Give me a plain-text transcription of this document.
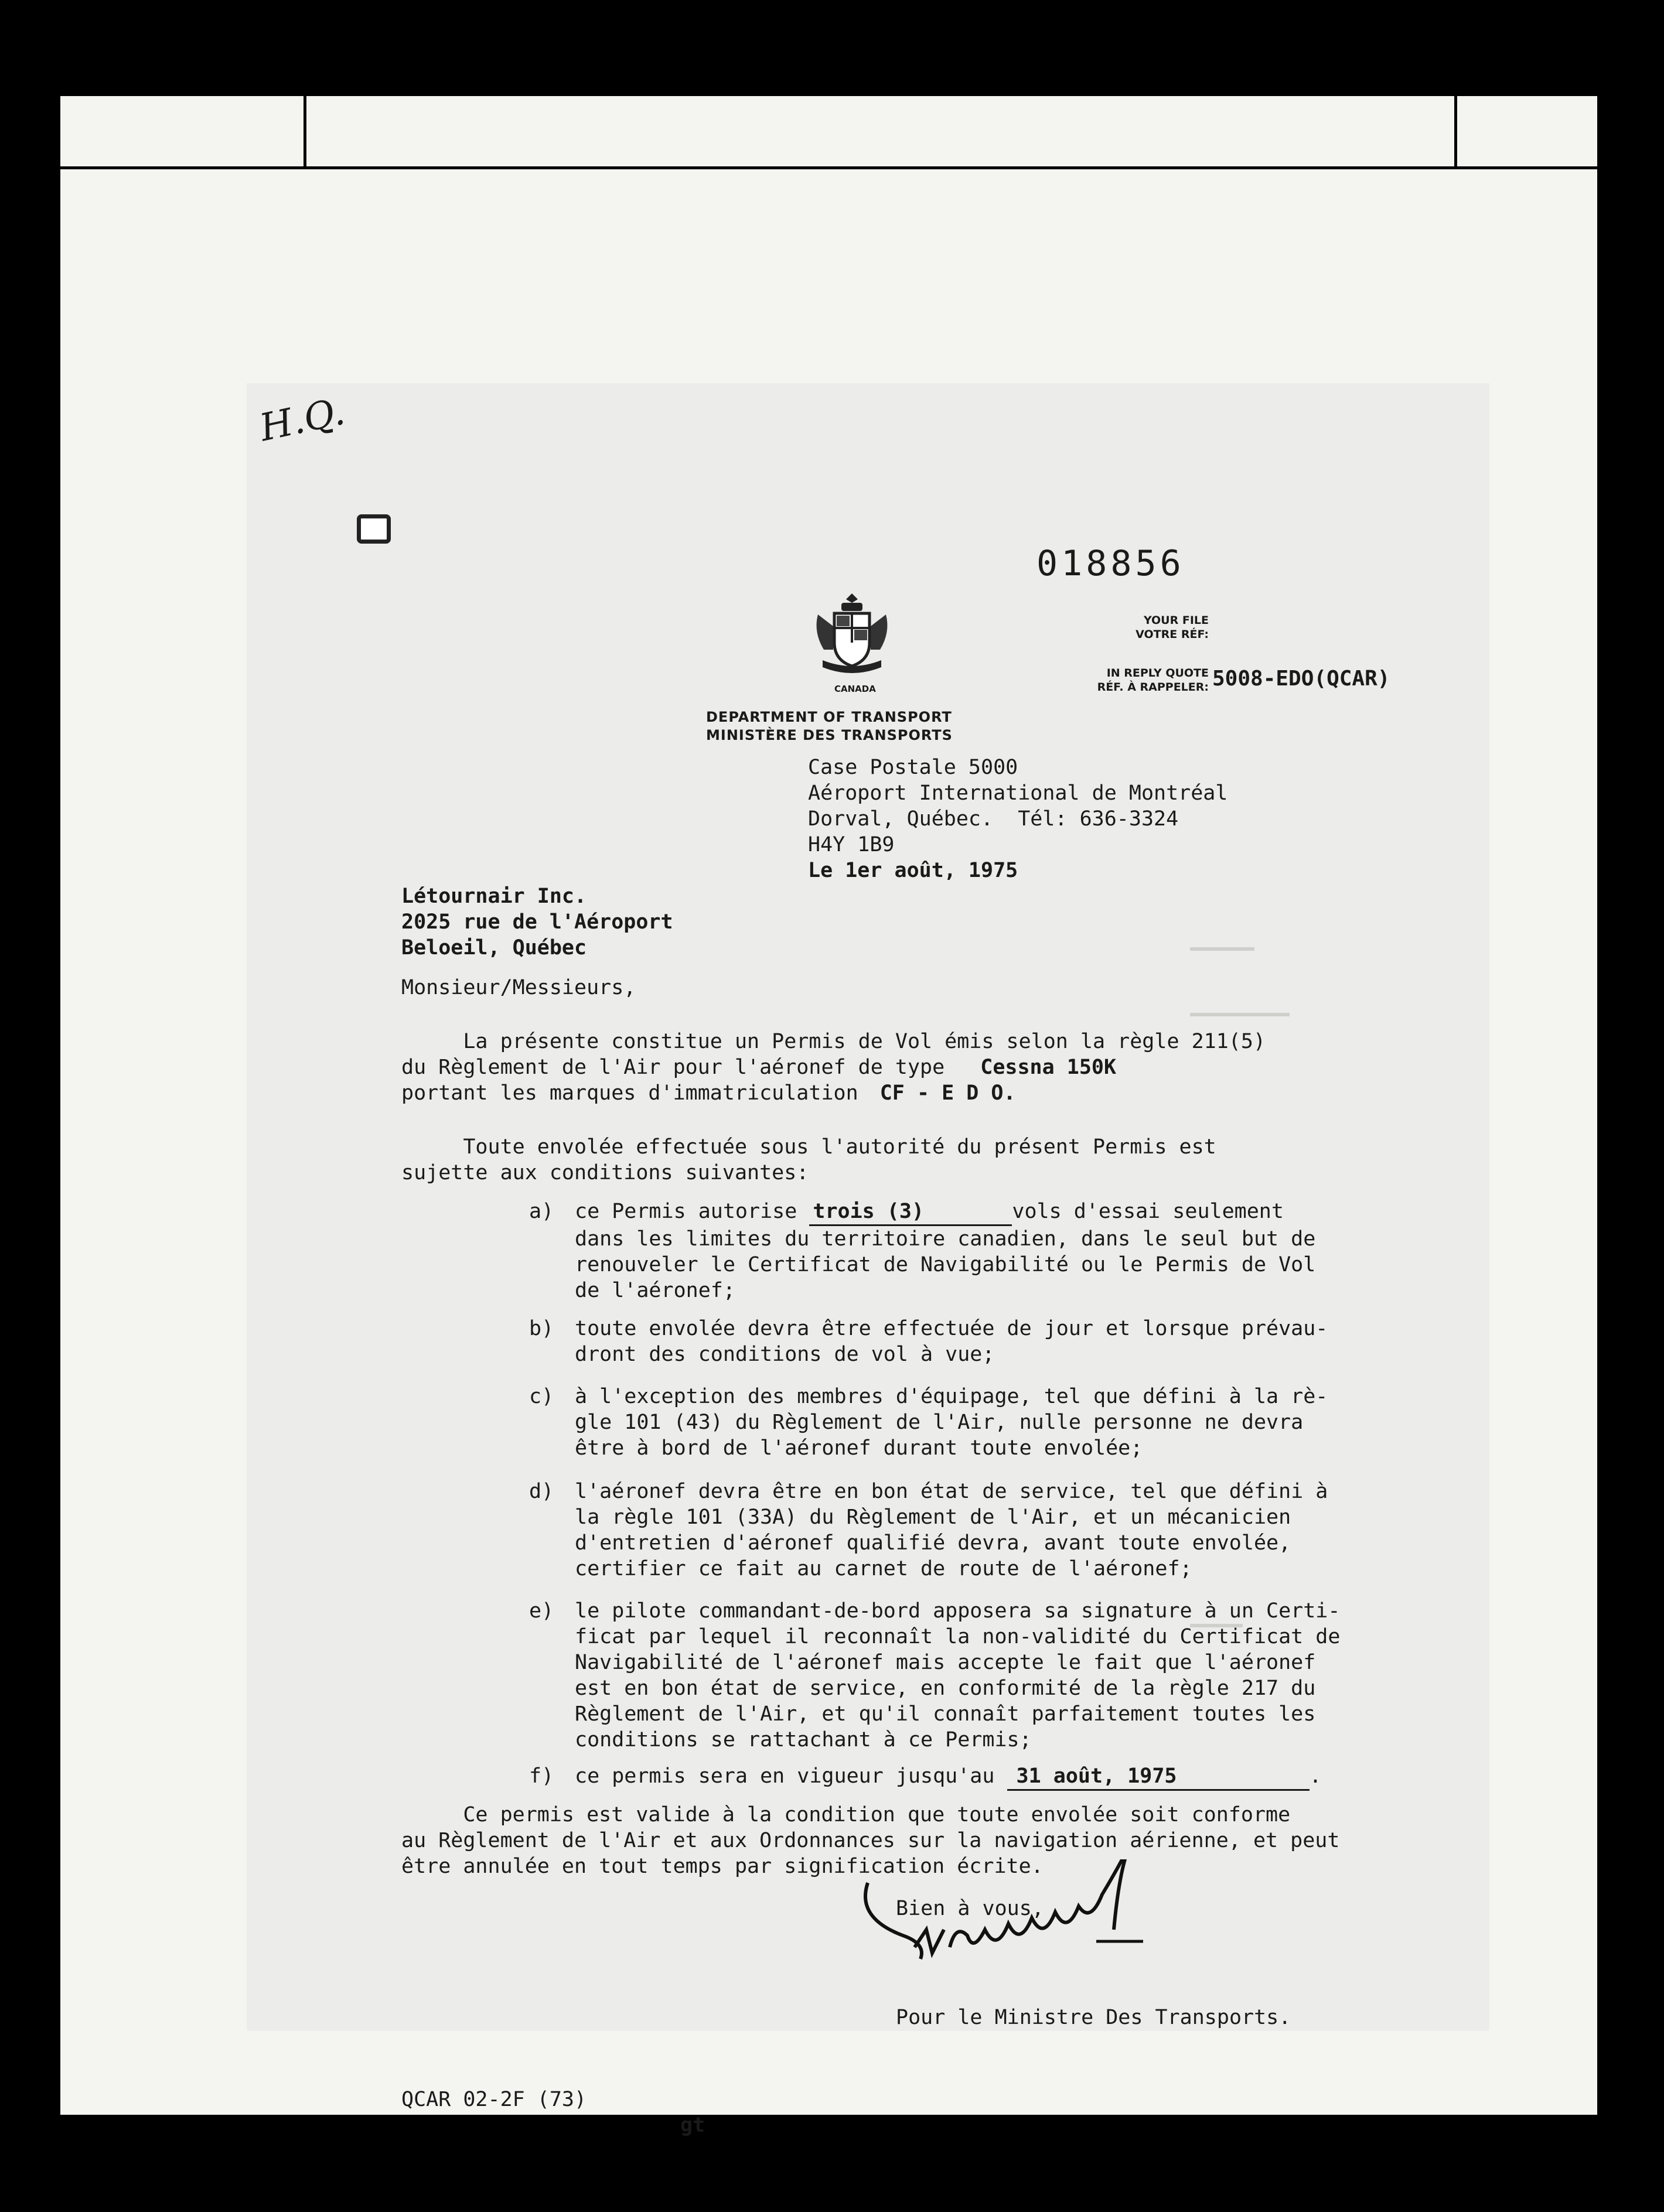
H.Q.
018856
CANADA
YOUR FILE
VOTRE RÉF:
IN REPLY QUOTE
RÉF. À RAPPELER: 5008-EDO(QCAR)
DEPARTMENT OF TRANSPORT
MINISTÈRE DES TRANSPORTS
Case Postale 5000
Aéroport International de Montréal
Dorval, Québec.  Tél: 636-3324
H4Y 1B9
Le 1er août, 1975
Létournair Inc.
2025 rue de l'Aéroport
Beloeil, Québec
Monsieur/Messieurs,
La présente constitue un Permis de Vol émis selon la règle 211(5)
du Règlement de l'Air pour l'aéronef de type Cessna 150K
portant les marques d'immatriculation CF - E D O.
Toute envolée effectuée sous l'autorité du présent Permis est
sujette aux conditions suivantes:
a) ce Permis autorise trois (3)	vols d'essai seulement
dans les limites du territoire canadien, dans le seul but de
renouveler le Certificat de Navigabilité ou le Permis de Vol
de l'aéronef;
b) toute envolée devra être effectuée de jour et lorsque prévau-
dront des conditions de vol à vue;
c) à l'exception des membres d'équipage, tel que défini à la rè-
gle 101 (43) du Règlement de l'Air, nulle personne ne devra
être à bord de l'aéronef durant toute envolée;
d) l'aéronef devra être en bon état de service, tel que défini à
la règle 101 (33A) du Règlement de l'Air, et un mécanicien
d'entretien d'aéronef qualifié devra, avant toute envolée,
certifier ce fait au carnet de route de l'aéronef;
e) le pilote commandant-de-bord apposera sa signature à un Certi-
ficat par lequel il reconnaît la non-validité du Certificat de
Navigabilité de l'aéronef mais accepte le fait que l'aéronef
est en bon état de service, en conformité de la règle 217 du
Règlement de l'Air, et qu'il connaît parfaitement toutes les
conditions se rattachant à ce Permis;
f) ce permis sera en vigueur jusqu'au 31 août, 1975	.
Ce permis est valide à la condition que toute envolée soit conforme
au Règlement de l'Air et aux Ordonnances sur la navigation aérienne, et peut
être annulée en tout temps par signification écrite.
Bien à vous,
Pour le Ministre Des Transports.
QCAR 02-2F (73)
gt
